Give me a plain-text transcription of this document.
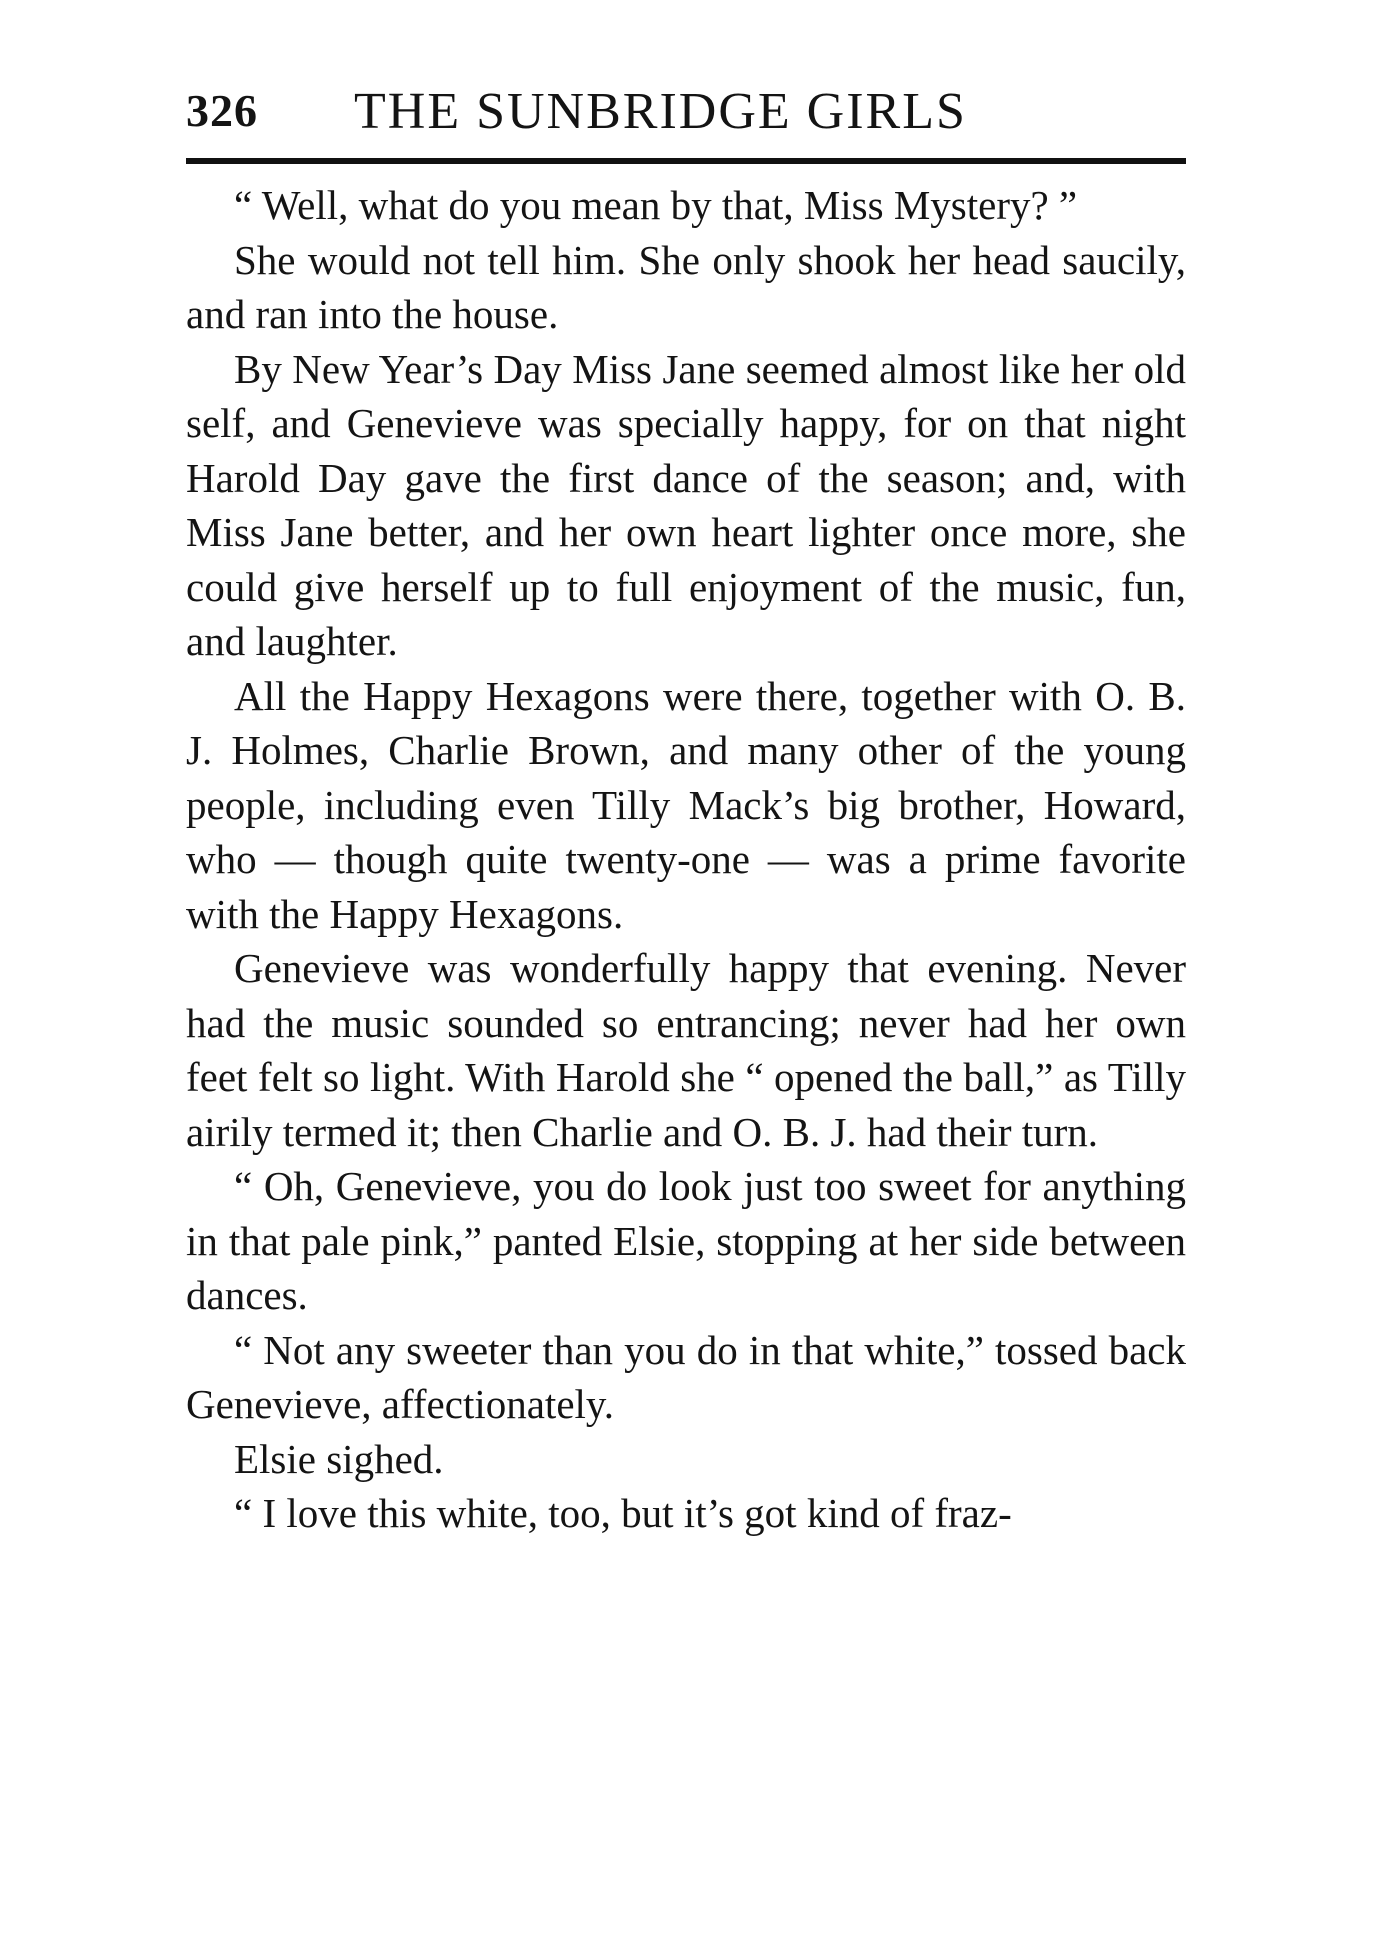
326 THE SUNBRIDGE GIRLS

“ Well, what do you mean by that, Miss Mystery? ”

She would not tell him. She only shook her head saucily, and ran into the house.

By New Year’s Day Miss Jane seemed almost like her old self, and Genevieve was specially happy, for on that night Harold Day gave the first dance of the season; and, with Miss Jane better, and her own heart lighter once more, she could give herself up to full enjoyment of the music, fun, and laughter.

All the Happy Hexagons were there, together with O. B. J. Holmes, Charlie Brown, and many other of the young people, including even Tilly Mack’s big brother, Howard, who — though quite twenty-one — was a prime favorite with the Happy Hexagons.

Genevieve was wonderfully happy that evening. Never had the music sounded so entrancing; never had her own feet felt so light. With Harold she “ opened the ball,” as Tilly airily termed it; then Charlie and O. B. J. had their turn.

“ Oh, Genevieve, you do look just too sweet for anything in that pale pink,” panted Elsie, stopping at her side between dances.

“ Not any sweeter than you do in that white,” tossed back Genevieve, affectionately.

Elsie sighed.

“ I love this white, too, but it’s got kind of fraz-
